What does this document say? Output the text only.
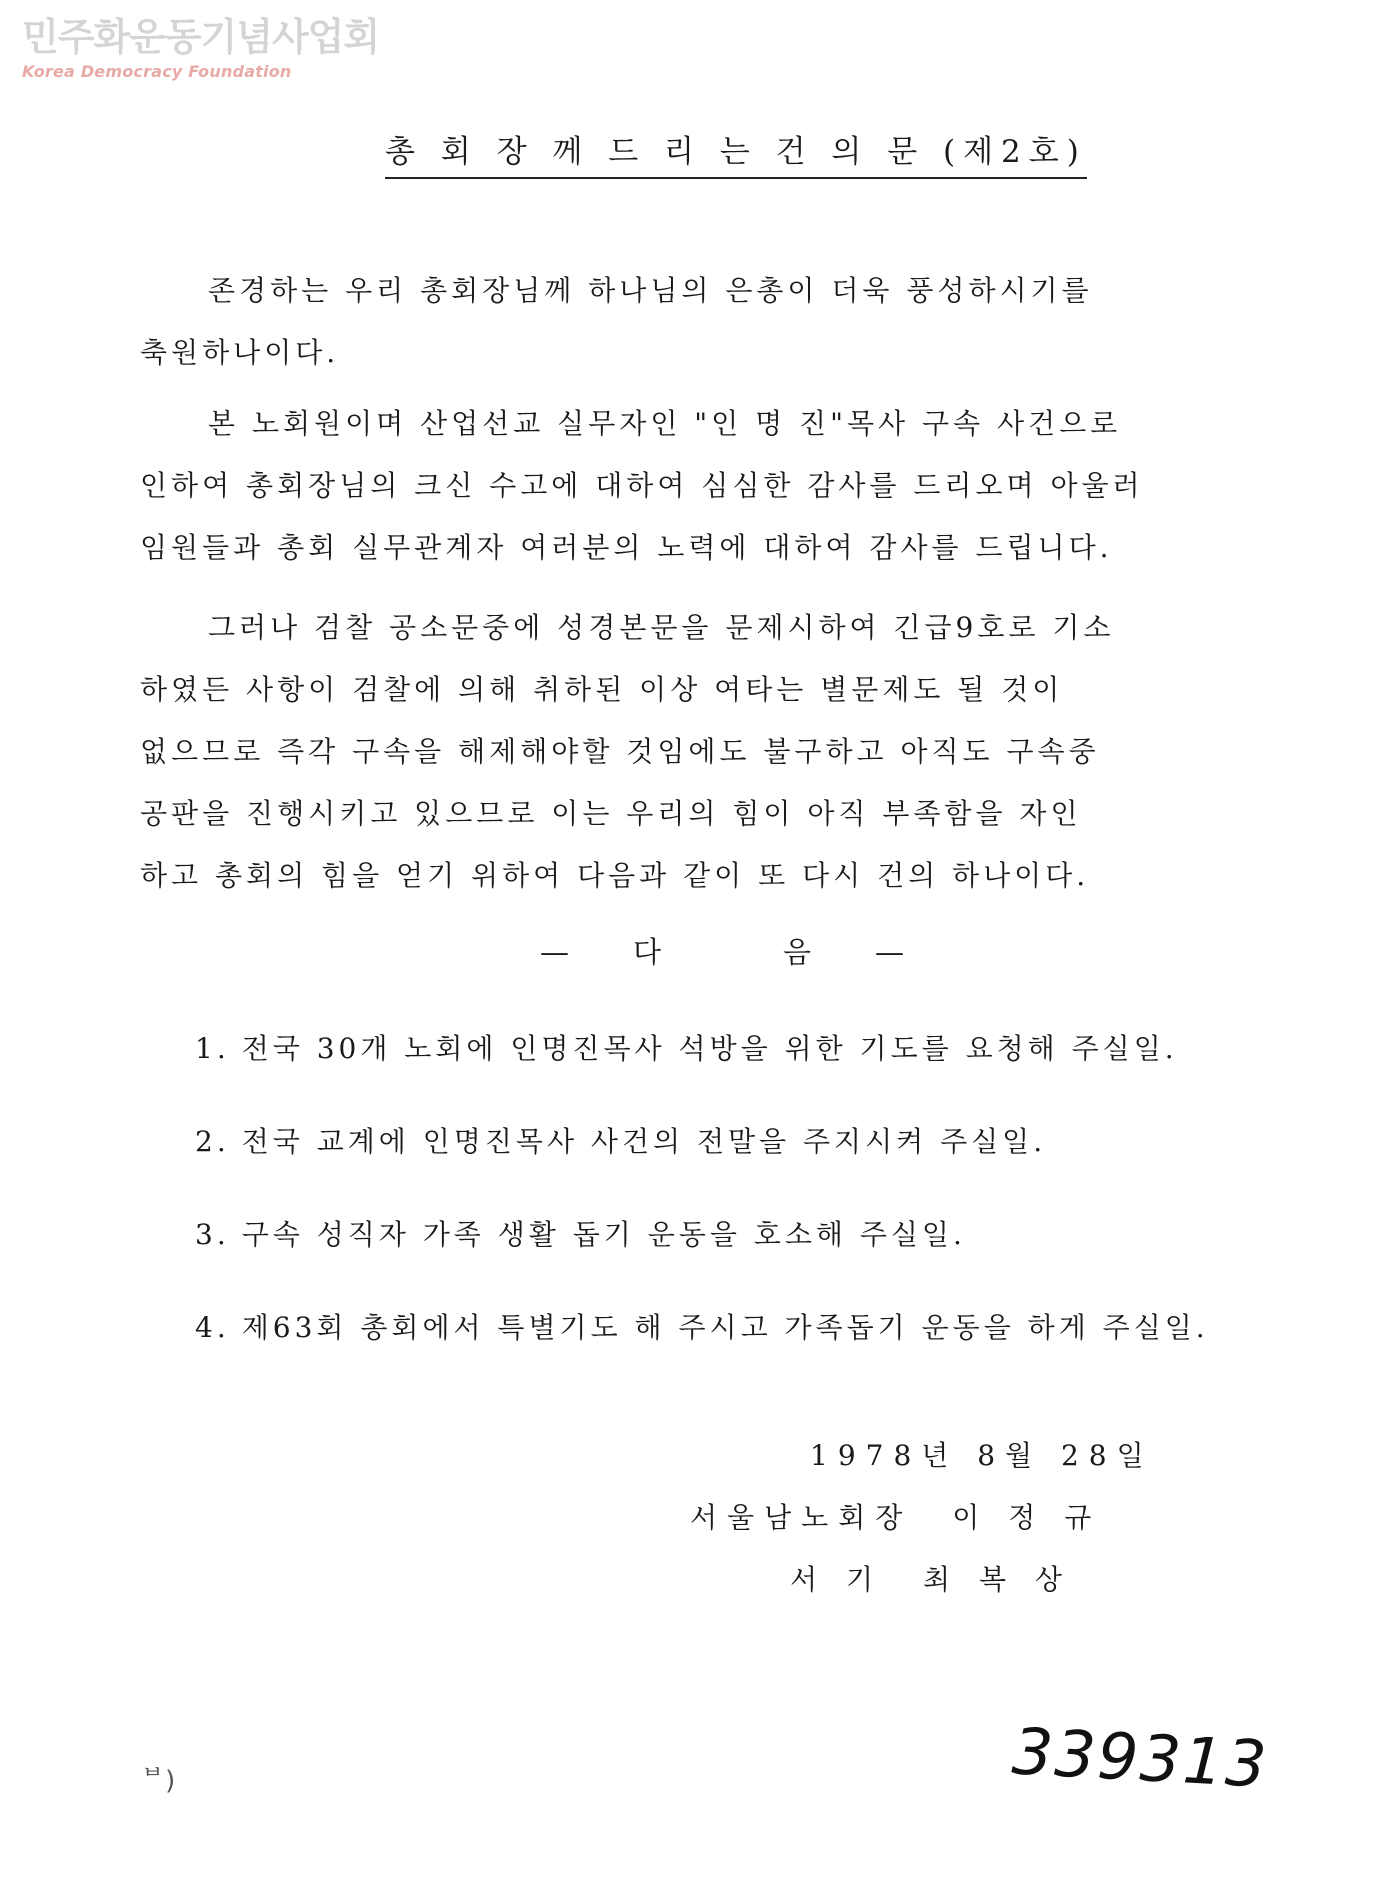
민주화운동기념사업회
Korea Democracy Foundation
총 회 장 께 드 리 는 건 의 문 (제2호)
존경하는 우리 총회장님께 하나님의 은총이 더욱 풍성하시기를
축원하나이다.
본 노회원이며 산업선교 실무자인 "인 명 진"목사 구속 사건으로
인하여 총회장님의 크신 수고에 대하여 심심한 감사를 드리오며 아울러
임원들과 총회 실무관계자 여러분의 노력에 대하여 감사를 드립니다.
그러나 검찰 공소문중에 성경본문을 문제시하여 긴급9호로 기소
하였든 사항이 검찰에 의해 취하된 이상 여타는 별문제도 될 것이
없으므로 즉각 구속을 해제해야할 것임에도 불구하고 아직도 구속중
공판을 진행시키고 있으므로 이는 우리의 힘이 아직 부족함을 자인
하고 총회의 힘을 얻기 위하여 다음과 같이 또 다시 건의 하나이다.
— 다	음 —
1. 전국 30개 노회에 인명진목사 석방을 위한 기도를 요청해 주실일.
2. 전국 교계에 인명진목사 사건의 전말을 주지시켜 주실일.
3. 구속 성직자 가족 생활 돕기 운동을 호소해 주실일.
4. 제63회 총회에서 특별기도 해 주시고 가족돕기 운동을 하게 주실일.
1978년 8월 28일
서울남노회장 이 정 규
서 기 최 복 상
ᄇ)	339313
